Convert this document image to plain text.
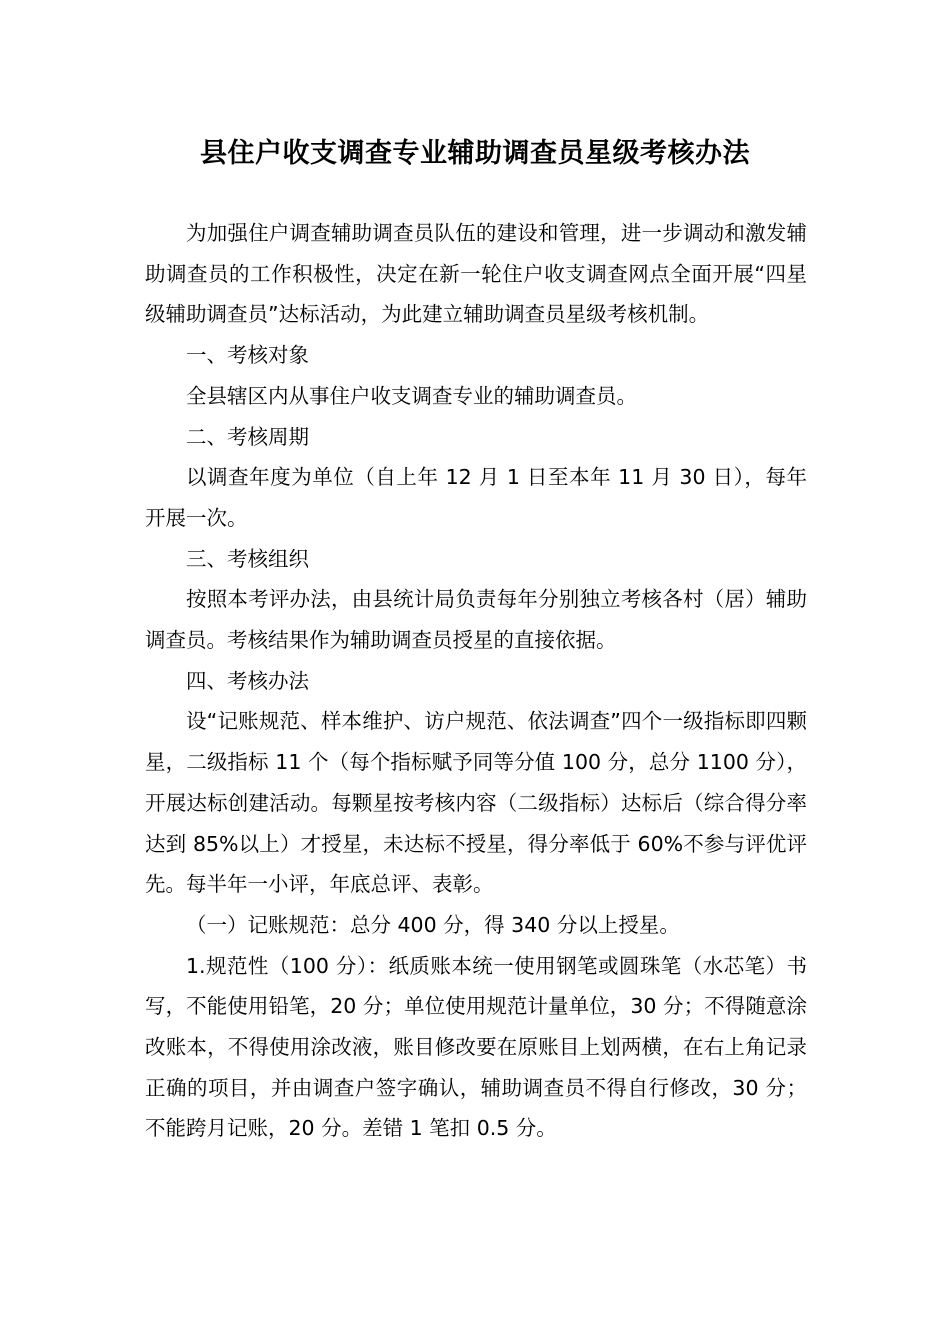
县住户收支调查专业辅助调查员星级考核办法

为加强住户调查辅助调查员队伍的建设和管理，进一步调动和激发辅助调查员的工作积极性，决定在新一轮住户收支调查网点全面开展“四星级辅助调查员”达标活动，为此建立辅助调查员星级考核机制。

一、考核对象

全县辖区内从事住户收支调查专业的辅助调查员。

二、考核周期

以调查年度为单位（自上年 12 月 1 日至本年 11 月 30 日），每年开展一次。

三、考核组织

按照本考评办法，由县统计局负责每年分别独立考核各村（居）辅助调查员。考核结果作为辅助调查员授星的直接依据。

四、考核办法

设“记账规范、样本维护、访户规范、依法调查”四个一级指标即四颗星，二级指标 11 个（每个指标赋予同等分值 100 分，总分 1100 分），开展达标创建活动。每颗星按考核内容（二级指标）达标后（综合得分率达到 85%以上）才授星，未达标不授星，得分率低于 60%不参与评优评先。每半年一小评，年底总评、表彰。

（一）记账规范：总分 400 分，得 340 分以上授星。

1.规范性（100 分）：纸质账本统一使用钢笔或圆珠笔（水芯笔）书写，不能使用铅笔，20 分；单位使用规范计量单位，30 分；不得随意涂改账本，不得使用涂改液，账目修改要在原账目上划两横，在右上角记录正确的项目，并由调查户签字确认，辅助调查员不得自行修改，30 分；不能跨月记账，20 分。差错 1 笔扣 0.5 分。
